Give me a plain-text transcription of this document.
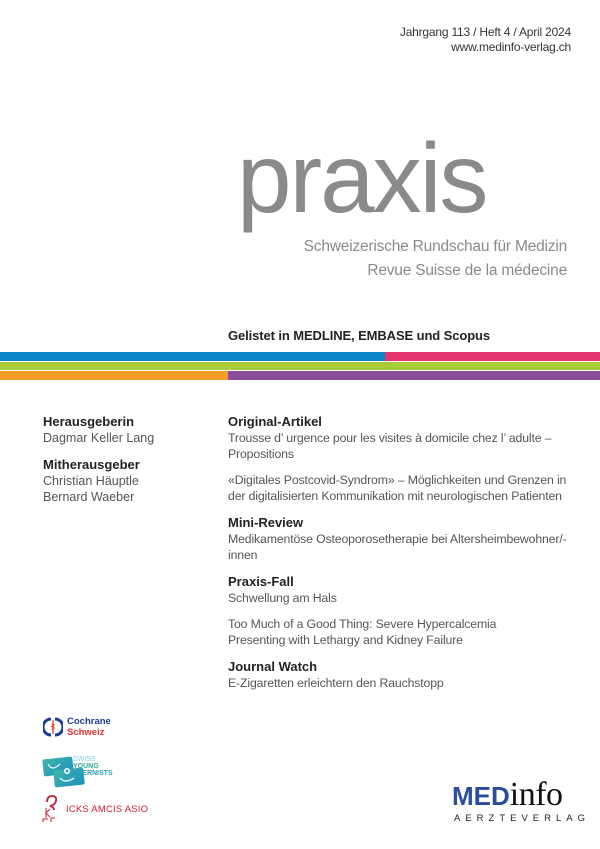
Jahrgang 113 / Heft 4 / April 2024
www.medinfo-verlag.ch
praxis
Schweizerische Rundschau für Medizin
Revue Suisse de la médecine
Gelistet in MEDLINE, EMBASE und Scopus
Herausgeberin
Dagmar Keller Lang
Mitherausgeber
Christian Häuptle
Bernard Waeber
Original-Artikel
Trousse d’ urgence pour les visites à domicile chez l’ adulte –
Propositions
«Digitales Postcovid-Syndrom» – Möglichkeiten und Grenzen in
der digitalisierten Kommunikation mit neurologischen Patienten
Mini-Review
Medikamentöse Osteoporosetherapie bei Altersheimbewohner/-innen
Praxis-Fall
Schwellung am Hals
Too Much of a Good Thing: Severe Hypercalcemia
Presenting with Lethargy and Kidney Failure
Journal Watch
E-Zigaretten erleichtern den Rauchstopp
Cochrane
Schweiz
SWISS
YOUNG
INTERNISTS
ICKS AMCIS ASIO	MEDinfo
AERZTEVERLAG
